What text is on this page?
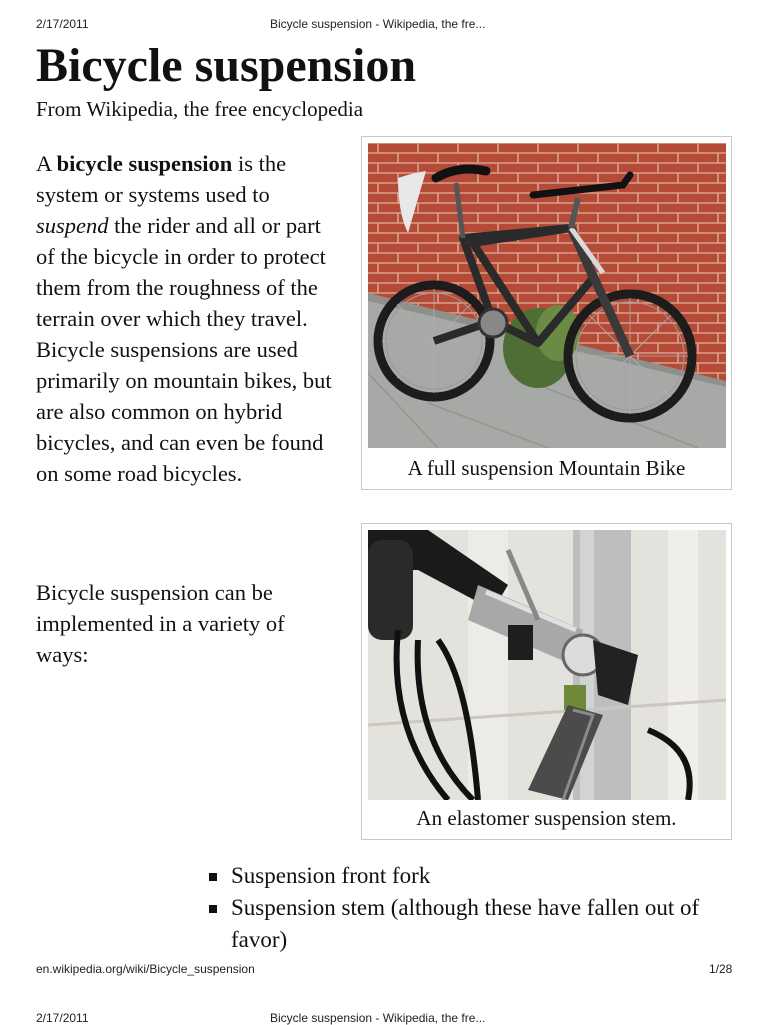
2/17/2011	Bicycle suspension - Wikipedia, the fre...
Bicycle suspension
From Wikipedia, the free encyclopedia

A bicycle suspension is the system or systems used to suspend the rider and all or part of the bicycle in order to protect them from the roughness of the terrain over which they travel. Bicycle suspensions are used primarily on mountain bikes, but are also common on hybrid bicycles, and can even be found on some road bicycles.

Bicycle suspension can be implemented in a variety of ways:

A full suspension Mountain Bike
An elastomer suspension stem.
Suspension front fork
Suspension stem (although these have fallen out of favor)
en.wikipedia.org/wiki/Bicycle_suspension	1/28
2/17/2011	Bicycle suspension - Wikipedia, the fre...
